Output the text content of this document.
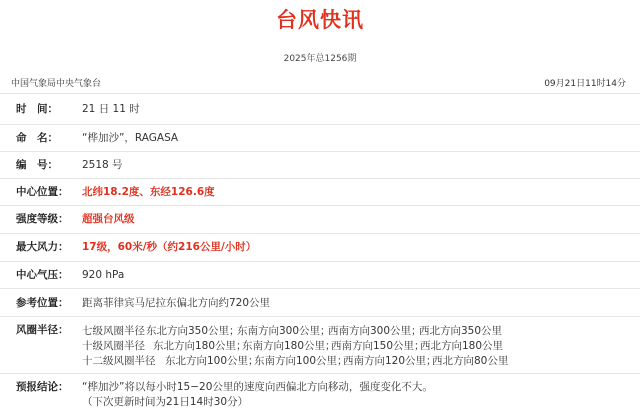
台风快讯
2025年总1256期
中国气象局中央气象台	09月21日11时14分
时　间： 21 日 11 时
命　名： “桦加沙”，RAGASA
编　号： 2518 号
中心位置： 北纬18.2度、东经126.6度
强度等级： 超强台风级
最大风力： 17级，60米/秒（约216公里/小时）
中心气压： 920 hPa
参考位置： 距离菲律宾马尼拉东偏北方向约720公里
风圈半径： 七级风圈半径 东北方向350公里；
东南方向300公里；
西南方向300公里；
西北方向350公里
十级风圈半径 东北方向180公里；
东南方向180公里；
西南方向150公里；
西北方向180公里
十二级风圈半径 东北方向100公里；
东南方向100公里；
西南方向120公里；
西北方向80公里
预报结论： “桦加沙”将以每小时15−20公里的速度向西偏北方向移动，强度变化不大。
（下次更新时间为21日14时30分）
